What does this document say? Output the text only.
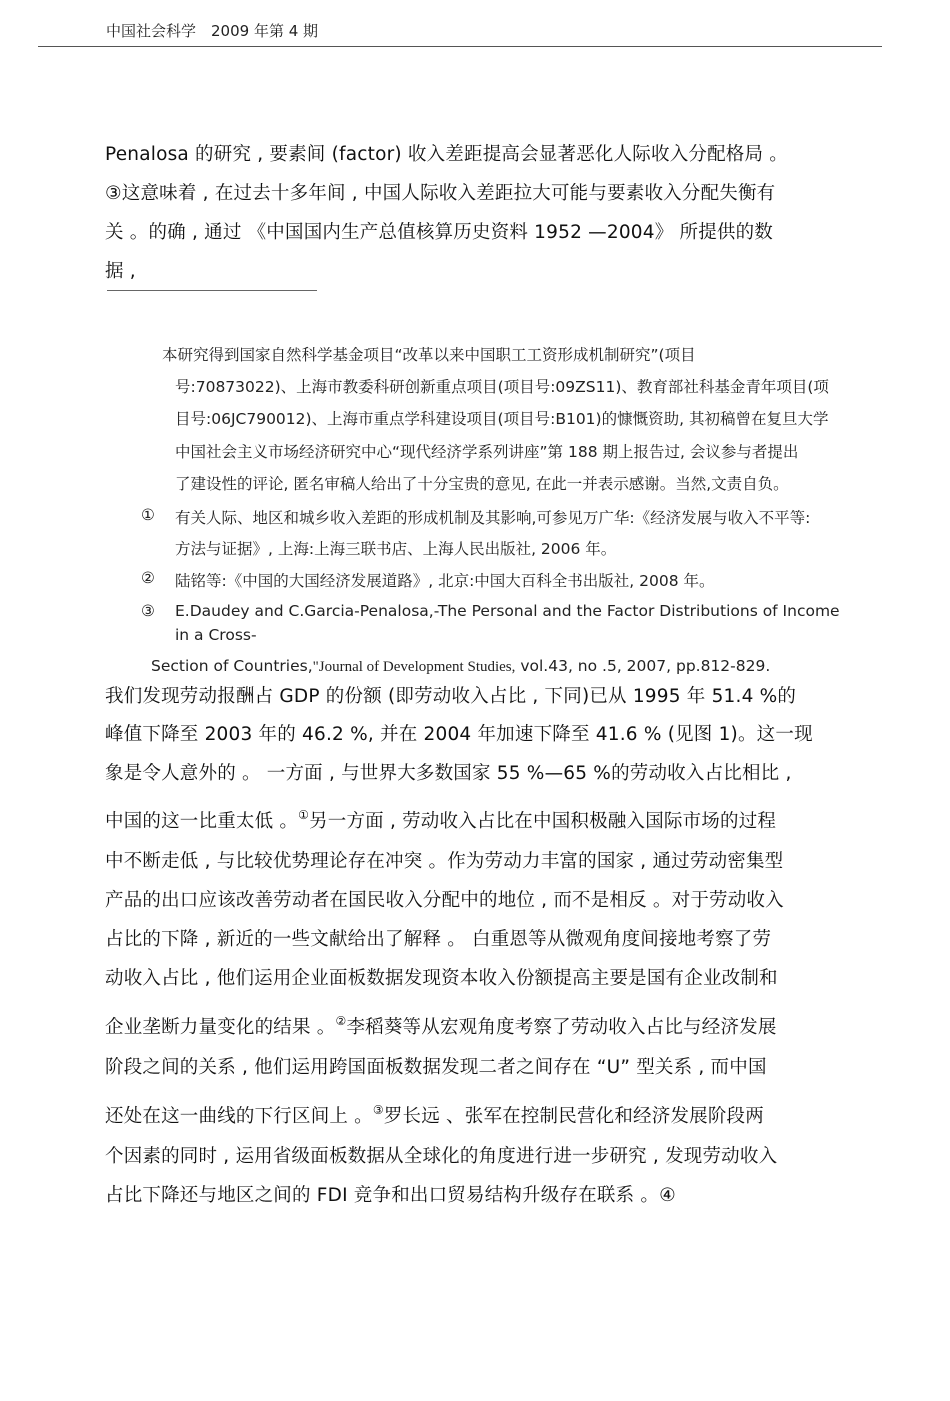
中国社会科学　2009 年第 4 期
Penalosa 的研究 , 要素间 (factor) 收入差距提高会显著恶化人际收入分配格局 。
③这意味着 , 在过去十多年间 , 中国人际收入差距拉大可能与要素收入分配失衡有
关 。的确 , 通过 《中国国内生产总值核算历史资料 1952 —2004》 所提供的数
据 ,
本研究得到国家自然科学基金项目“改革以来中国职工工资形成机制研究”(项目
号:70873022)、上海市教委科研创新重点项目(项目号:09ZS11)、教育部社科基金青年项目(项
目号:06JC790012)、上海市重点学科建设项目(项目号:B101)的慷慨资助, 其初稿曾在复旦大学
中国社会主义市场经济研究中心“现代经济学系列讲座”第 188 期上报告过, 会议参与者提出
了建设性的评论, 匿名审稿人给出了十分宝贵的意见, 在此一并表示感谢。当然,文责自负。
① 有关人际、地区和城乡收入差距的形成机制及其影响,可参见万广华:《经济发展与收入不平等:
方法与证据》, 上海:上海三联书店、上海人民出版社, 2006 年。
② 陆铭等:《中国的大国经济发展道路》, 北京:中国大百科全书出版社, 2008 年。
③ E.Daudey and C.Garcia-Penalosa,-The Personal and the Factor Distributions of Income
in a Cross-
Section of Countries,"Journal of Development Studies, vol.43, no .5, 2007, pp.812-829.
我们发现劳动报酬占 GDP 的份额 (即劳动收入占比 , 下同)已从 1995 年 51.4 %的
峰值下降至 2003 年的 46.2 %, 并在 2004 年加速下降至 41.6 % (见图 1)。这一现
象是令人意外的 。 一方面 , 与世界大多数国家 55 %—65 %的劳动收入占比相比 ,
中国的这一比重太低 。①另一方面 , 劳动收入占比在中国积极融入国际市场的过程
中不断走低 , 与比较优势理论存在冲突 。作为劳动力丰富的国家 , 通过劳动密集型
产品的出口应该改善劳动者在国民收入分配中的地位 , 而不是相反 。对于劳动收入
占比的下降 , 新近的一些文献给出了解释 。 白重恩等从微观角度间接地考察了劳
动收入占比 , 他们运用企业面板数据发现资本收入份额提高主要是国有企业改制和
企业垄断力量变化的结果 。②李稻葵等从宏观角度考察了劳动收入占比与经济发展
阶段之间的关系 , 他们运用跨国面板数据发现二者之间存在 “U” 型关系 , 而中国
还处在这一曲线的下行区间上 。③罗长远 、张军在控制民营化和经济发展阶段两
个因素的同时 , 运用省级面板数据从全球化的角度进行进一步研究 , 发现劳动收入
占比下降还与地区之间的 FDI 竞争和出口贸易结构升级存在联系 。④
